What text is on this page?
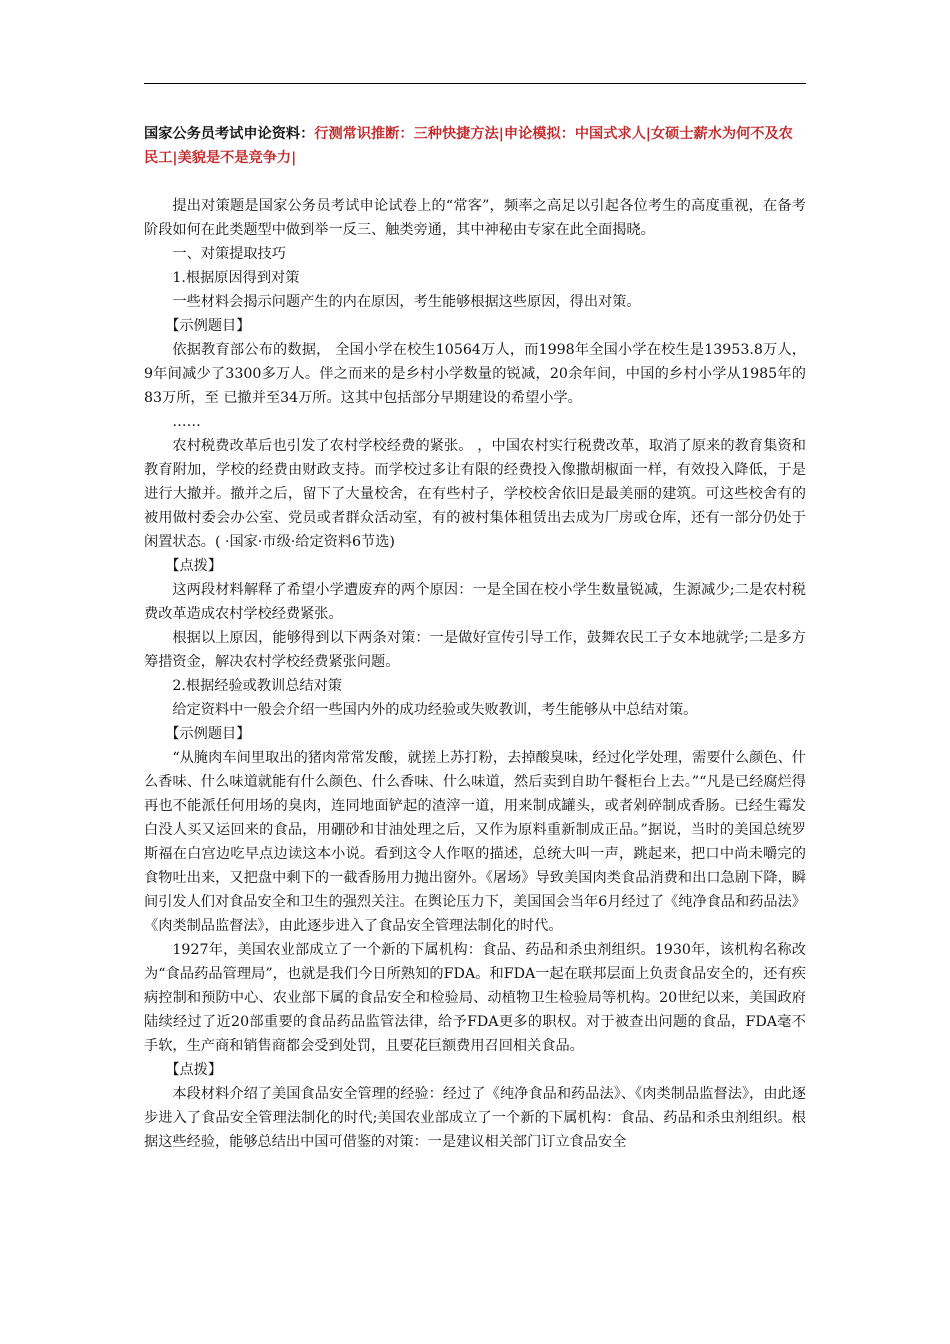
国家公务员考试申论资料：行测常识推断：三种快捷方法|申论模拟：中国式求人|女硕士薪水为何不及农民工|美貌是不是竞争力|

提出对策题是国家公务员考试申论试卷上的“常客”，频率之高足以引起各位考生的高度重视，在备考阶段如何在此类题型中做到举一反三、触类旁通，其中神秘由专家在此全面揭晓。

一、对策提取技巧

1.根据原因得到对策

一些材料会揭示问题产生的内在原因，考生能够根据这些原因，得出对策。

【示例题目】

依据教育部公布的数据， 全国小学在校生10564万人，而1998年全国小学在校生是13953.8万人，9年间减少了3300多万人。伴之而来的是乡村小学数量的锐减，20余年间，中国的乡村小学从1985年的83万所，至 已撤并至34万所。这其中包括部分早期建设的希望小学。

……

农村税费改革后也引发了农村学校经费的紧张。 ，中国农村实行税费改革，取消了原来的教育集资和教育附加，学校的经费由财政支持。而学校过多让有限的经费投入像撒胡椒面一样，有效投入降低，于是进行大撤并。撤并之后，留下了大量校舍，在有些村子，学校校舍依旧是最美丽的建筑。可这些校舍有的被用做村委会办公室、党员或者群众活动室，有的被村集体租赁出去成为厂房或仓库，还有一部分仍处于闲置状态。( ·国家·市级·给定资料6节选)

【点拨】

这两段材料解释了希望小学遭废弃的两个原因：一是全国在校小学生数量锐减，生源减少;二是农村税费改革造成农村学校经费紧张。

根据以上原因，能够得到以下两条对策：一是做好宣传引导工作，鼓舞农民工子女本地就学;二是多方筹措资金，解决农村学校经费紧张问题。

2.根据经验或教训总结对策

给定资料中一般会介绍一些国内外的成功经验或失败教训，考生能够从中总结对策。

【示例题目】

“从腌肉车间里取出的猪肉常常发酸，就搓上苏打粉，去掉酸臭味，经过化学处理，需要什么颜色、什么香味、什么味道就能有什么颜色、什么香味、什么味道，然后卖到自助午餐柜台上去。”“凡是已经腐烂得再也不能派任何用场的臭肉，连同地面铲起的渣滓一道，用来制成罐头，或者剁碎制成香肠。已经生霉发白没人买又运回来的食品，用硼砂和甘油处理之后，又作为原料重新制成正品。”据说，当时的美国总统罗斯福在白宫边吃早点边读这本小说。看到这令人作呕的描述，总统大叫一声，跳起来，把口中尚未嚼完的食物吐出来，又把盘中剩下的一截香肠用力抛出窗外。《屠场》导致美国肉类食品消费和出口急剧下降，瞬间引发人们对食品安全和卫生的强烈关注。在舆论压力下，美国国会当年6月经过了《纯净食品和药品法》《肉类制品监督法》，由此逐步进入了食品安全管理法制化的时代。

1927年，美国农业部成立了一个新的下属机构：食品、药品和杀虫剂组织。1930年，该机构名称改为“食品药品管理局”，也就是我们今日所熟知的FDA。和FDA一起在联邦层面上负责食品安全的，还有疾病控制和预防中心、农业部下属的食品安全和检验局、动植物卫生检验局等机构。20世纪以来，美国政府陆续经过了近20部重要的食品药品监管法律，给予FDA更多的职权。对于被查出问题的食品，FDA毫不手软，生产商和销售商都会受到处罚，且要花巨额费用召回相关食品。

【点拨】

本段材料介绍了美国食品安全管理的经验：经过了《纯净食品和药品法》、《肉类制品监督法》，由此逐步进入了食品安全管理法制化的时代;美国农业部成立了一个新的下属机构：食品、药品和杀虫剂组织。根据这些经验，能够总结出中国可借鉴的对策：一是建议相关部门订立食品安全
